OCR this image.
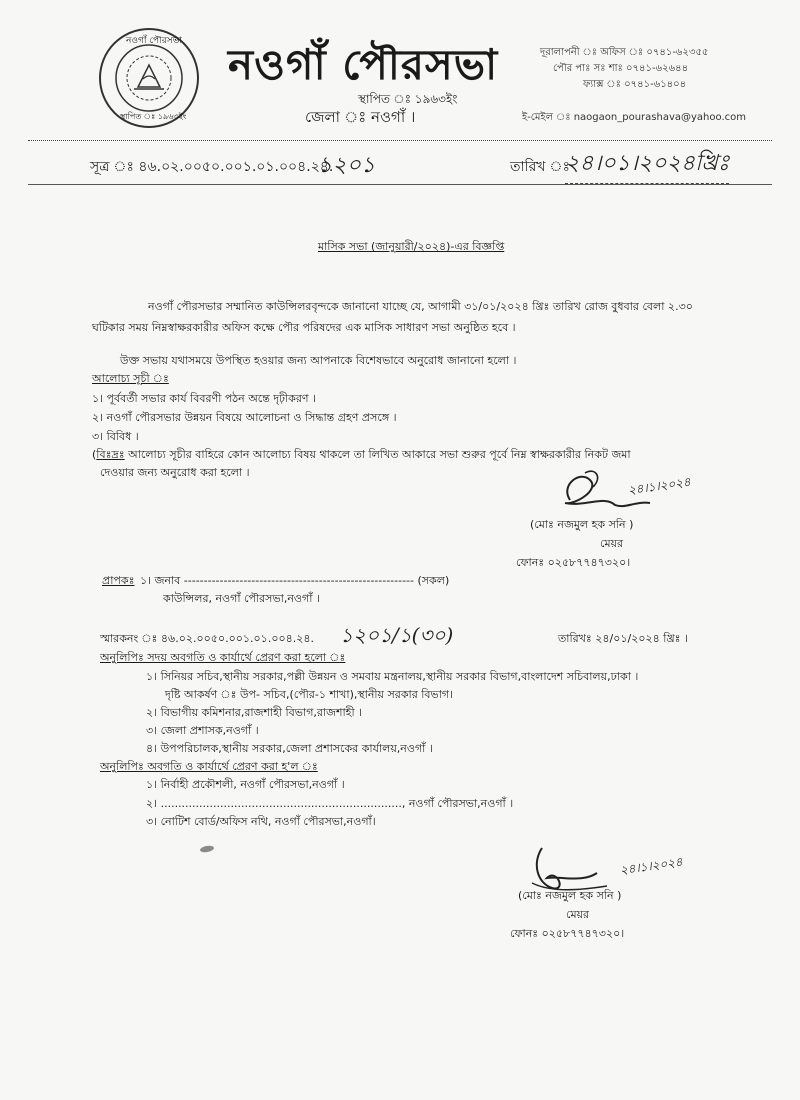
নওগাঁ পৌরসভা
স্থাপিত ঃ ১৯৬৩ইং
নওগাঁ পৌরসভা
স্থাপিত ঃ ১৯৬৩ইং
জেলা ঃ নওগাঁ ।
দূরালাপনী ঃ অফিস ঃ ০৭৪১-৬২৩৫৫
পৌর পাঃ সঃ শাঃ ০৭৪১-৬২৬৪৪
ফ্যাক্স ঃ ০৭৪১-৬১৪০৪
ই-মেইল ঃ naogaon_pourashava@yahoo.com
সূত্র ঃ ৪৬.০২.০০৫০.০০১.০১.০০৪.২৪.
১২০১	তারিখ ঃ
২৪।০১।২০২৪খ্রিঃ
মাসিক সভা (জানুয়ারী/২০২৪)-এর বিজ্ঞপ্তি
নওগাঁ পৌরসভার সম্মানিত কাউন্সিলরবৃন্দকে জানানো যাচ্ছে যে, আগামী ৩১/০১/২০২৪ খ্রিঃ তারিখ রোজ বুধবার বেলা ২.৩০
ঘটিকার সময় নিম্নস্বাক্ষরকারীর অফিস কক্ষে পৌর পরিষদের এক মাসিক সাধারণ সভা অনুষ্ঠিত হবে ।
উক্ত সভায় যথাসময়ে উপস্থিত হওয়ার জন্য আপনাকে বিশেষভাবে অনুরোধ জানানো হলো ।
আলোচ্য সূচী ঃ
১। পূর্ববর্তী সভার কার্য বিবরণী পঠন অন্তে দৃঢ়ীকরণ ।
২। নওগাঁ পৌরসভার উন্নয়ন বিষয়ে আলোচনা ও সিদ্ধান্ত গ্রহণ প্রসঙ্গে ।
৩। বিবিধ ।
(বিঃদ্রঃ আলোচ্য সূচীর বাহিরে কোন আলোচ্য বিষয় থাকলে তা লিখিত আকারে সভা শুরুর পূর্বে নিম্ন স্বাক্ষরকারীর নিকট জমা
দেওয়ার জন্য অনুরোধ করা হলো ।
২৪।১।২০২৪
(মোঃ নজমুল হক সনি )
মেয়র
ফোনঃ ০২৫৮৭৭৪৭৩২০।
প্রাপকঃ ১। জনাব ---------------------------------------------------------- (সকল)
কাউন্সিলর, নওগাঁ পৌরসভা,নওগাঁ ।
স্মারকনং ঃ ৪৬.০২.০০৫০.০০১.০১.০০৪.২৪. ১২০১/১(৩০)	তারিখঃ ২৪/০১/২০২৪ খ্রিঃ ।
অনুলিপিঃ সদয় অবগতি ও কার্যার্থে প্রেরণ করা হলো ঃ
১। সিনিয়র সচিব,স্থানীয় সরকার,পল্লী উন্নয়ন ও সমবায় মন্ত্রনালয়,স্থানীয় সরকার বিভাগ,বাংলাদেশ সচিবালয়,ঢাকা ।
দৃষ্টি আকর্ষণ ঃ উপ- সচিব,(পৌর-১ শাখা),স্থানীয় সরকার বিভাগ।
২। বিভাগীয় কমিশনার,রাজশাহী বিভাগ,রাজশাহী ।
৩। জেলা প্রশাসক,নওগাঁ ।
৪। উপপরিচালক,স্থানীয় সরকার,জেলা প্রশাসকের কার্যালয়,নওগাঁ ।
অনুলিপিঃ অবগতি ও কার্যার্থে প্রেরণ করা হ'ল ঃ
১। নির্বাহী প্রকৌশলী, নওগাঁ পৌরসভা,নওগাঁ ।
২। ....................................................................., নওগাঁ পৌরসভা,নওগাঁ ।
৩। নোটিশ বোর্ড/অফিস নথি, নওগাঁ পৌরসভা,নওগাঁ।
২৪।১।২০২৪
(মোঃ নজমুল হক সনি )
মেয়র
ফোনঃ ০২৫৮৭৭৪৭৩২০।
